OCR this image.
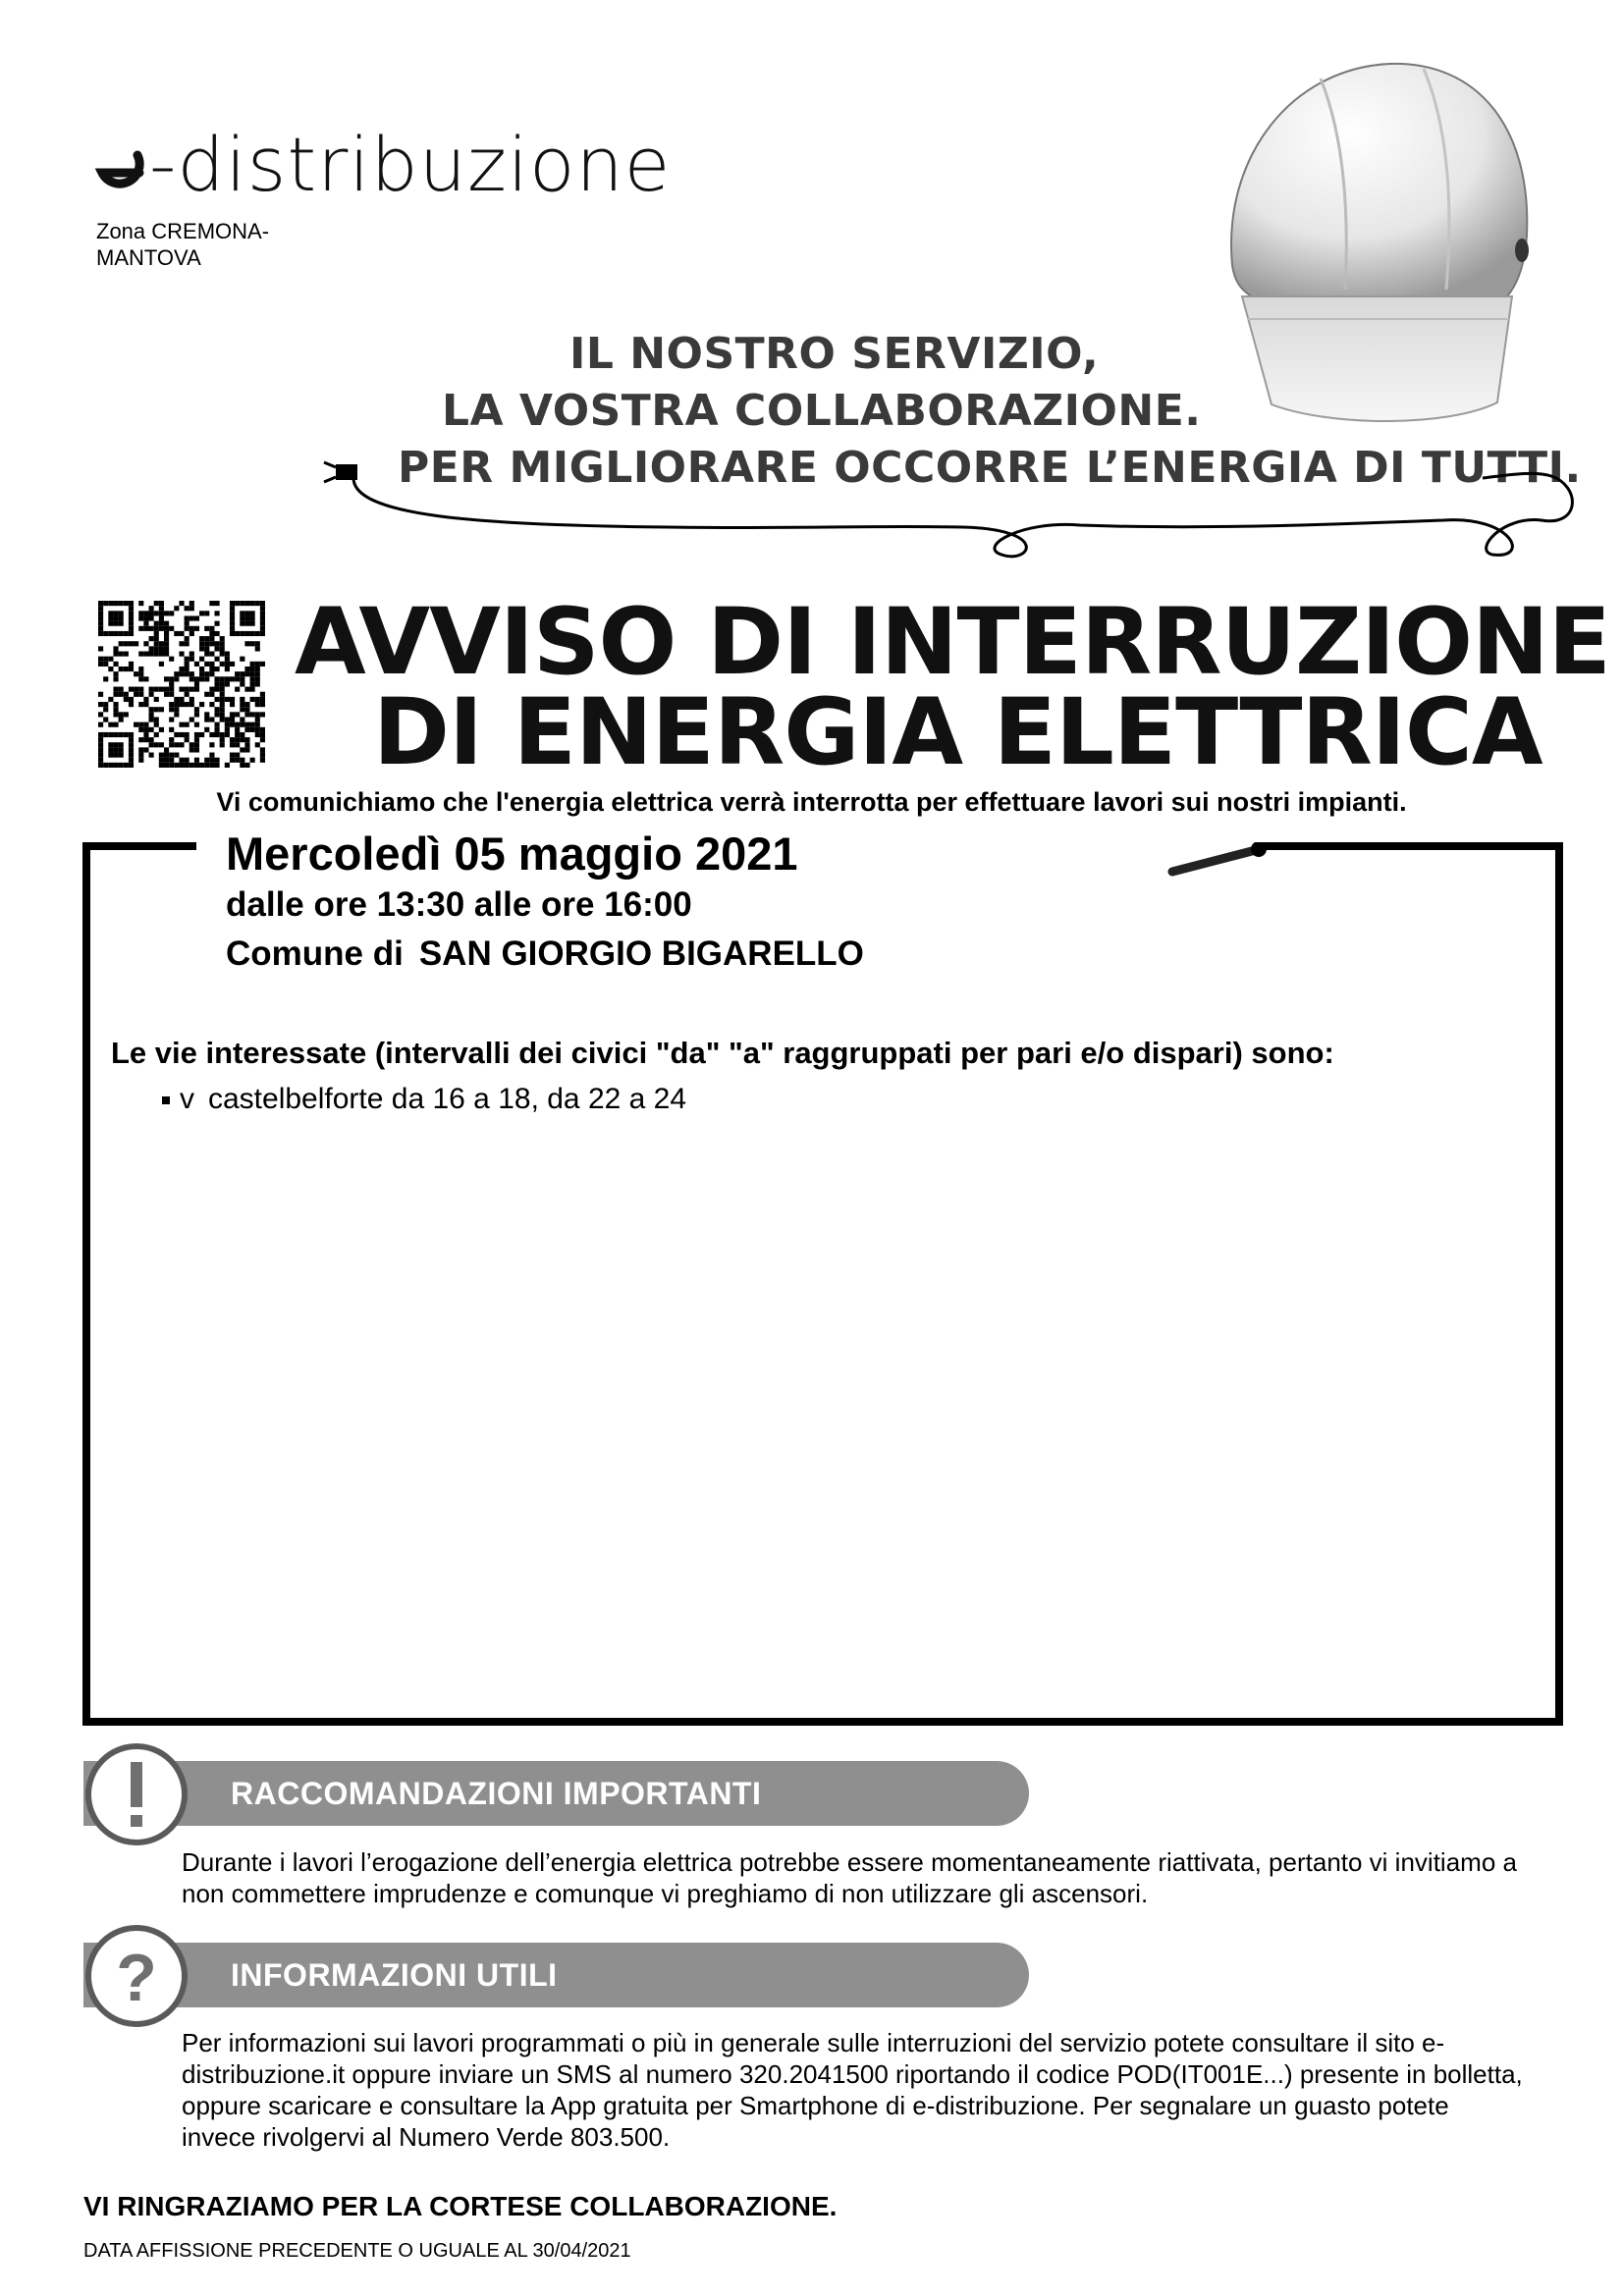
-distribuzione
Zona CREMONA-MANTOVA
IL NOSTRO SERVIZIO,
LA VOSTRA COLLABORAZIONE.
PER MIGLIORARE OCCORRE L’ENERGIA DI TUTTI.
AVVISO DI INTERRUZIONE
DI ENERGIA ELETTRICA
Vi comunichiamo che l'energia elettrica verrà interrotta per effettuare lavori sui nostri impianti.
Mercoledì 05 maggio 2021
dalle ore 13:30 alle ore 16:00
Comune di SAN GIORGIO BIGARELLO
Le vie interessate (intervalli dei civici "da" "a" raggruppati per pari e/o dispari) sono:
v castelbelforte da 16 a 18, da 22 a 24
RACCOMANDAZIONI IMPORTANTI
Durante i lavori l’erogazione dell’energia elettrica potrebbe essere momentaneamente riattivata, pertanto vi invitiamo a non commettere imprudenze e comunque vi preghiamo di non utilizzare gli ascensori.
INFORMAZIONI UTILI
?
Per informazioni sui lavori programmati o più in generale sulle interruzioni del servizio potete consultare il sito e-distribuzione.it oppure inviare un SMS al numero 320.2041500 riportando il codice POD(IT001E...) presente in bolletta, oppure scaricare e consultare la App gratuita per Smartphone di e-distribuzione. Per segnalare un guasto potete invece rivolgervi al Numero Verde 803.500.
VI RINGRAZIAMO PER LA CORTESE COLLABORAZIONE.
DATA AFFISSIONE PRECEDENTE O UGUALE AL 30/04/2021
